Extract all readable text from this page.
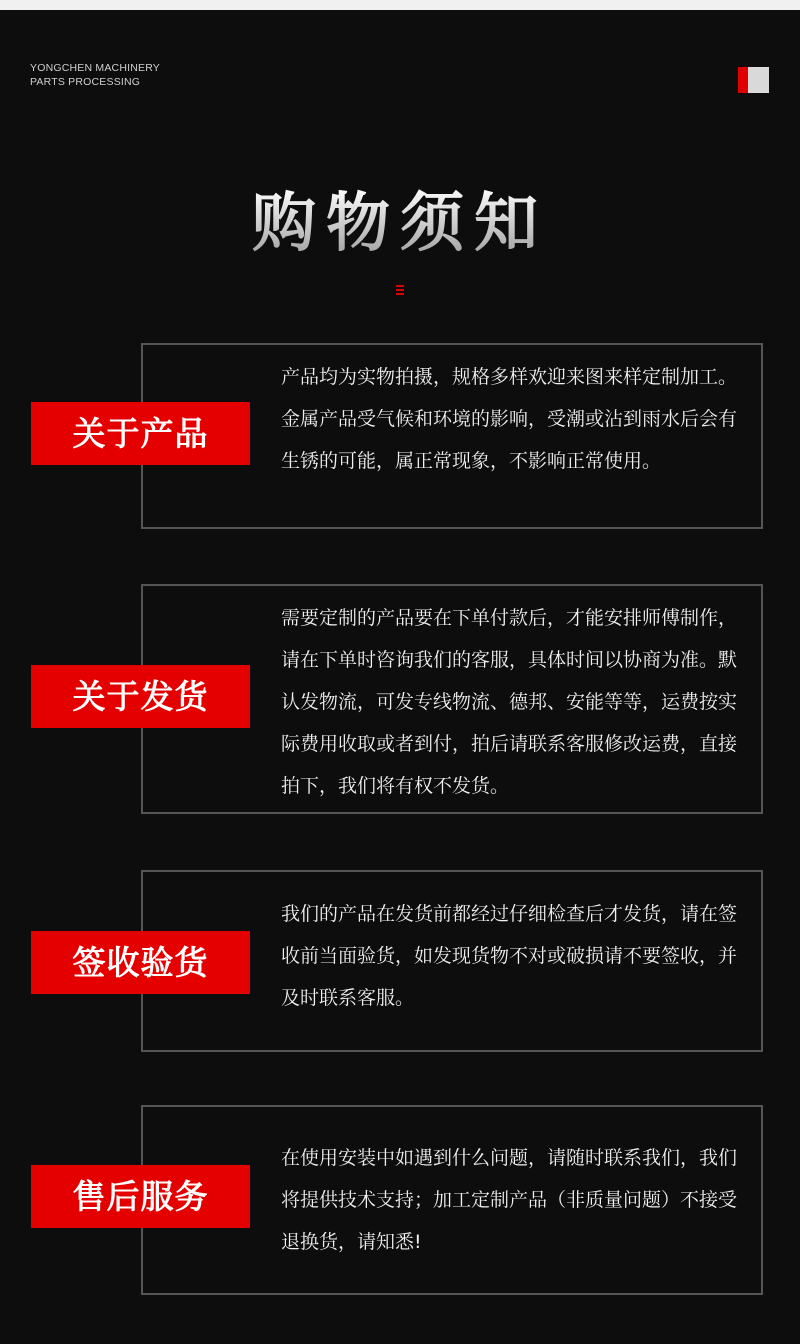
YONGCHEN MACHINERY
PARTS PROCESSING
购物须知
关于产品
产品均为实物拍摄，规格多样欢迎来图来样定制加工。金属产品受气候和环境的影响，受潮或沾到雨水后会有生锈的可能，属正常现象，不影响正常使用。
关于发货
需要定制的产品要在下单付款后，才能安排师傅制作，请在下单时咨询我们的客服，具体时间以协商为准。默认发物流，可发专线物流、德邦、安能等等，运费按实际费用收取或者到付，拍后请联系客服修改运费，直接拍下，我们将有权不发货。
签收验货
我们的产品在发货前都经过仔细检查后才发货，请在签收前当面验货，如发现货物不对或破损请不要签收，并及时联系客服。
售后服务
在使用安装中如遇到什么问题，请随时联系我们，我们将提供技术支持；加工定制产品（非质量问题）不接受退换货，请知悉!
